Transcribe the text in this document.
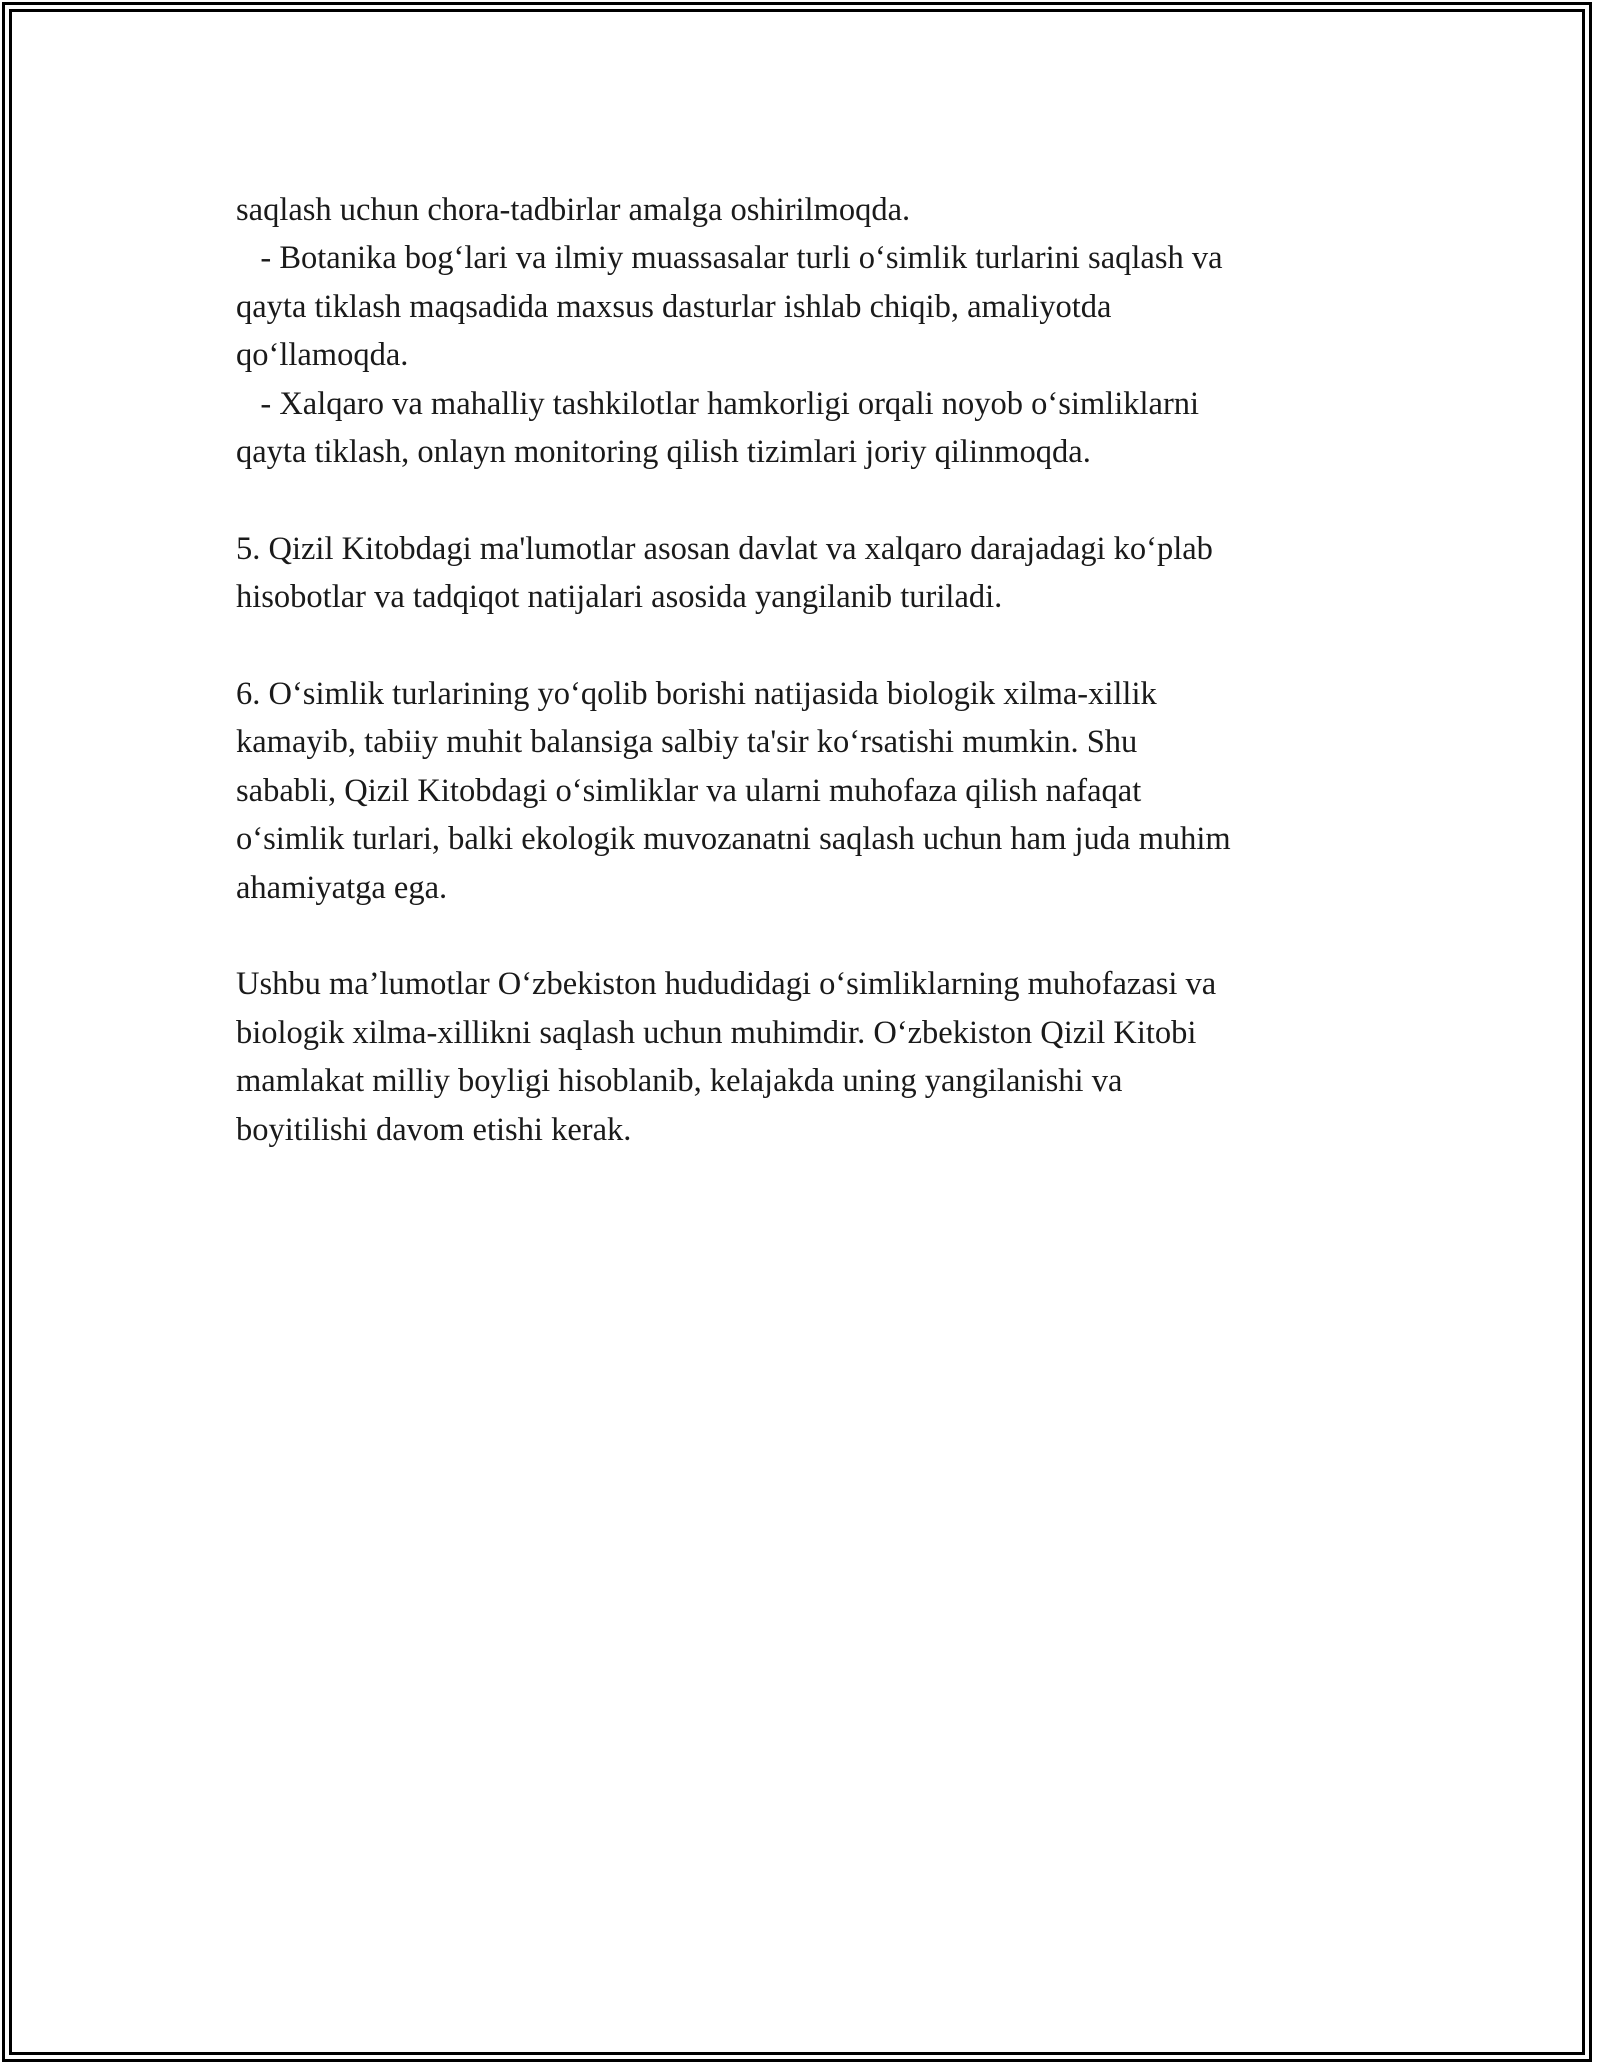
saqlash uchun chora-tadbirlar amalga oshirilmoqda.
- Botanika bog‘lari va ilmiy muassasalar turli o‘simlik turlarini saqlash va
qayta tiklash maqsadida maxsus dasturlar ishlab chiqib, amaliyotda
qo‘llamoqda.
- Xalqaro va mahalliy tashkilotlar hamkorligi orqali noyob o‘simliklarni
qayta tiklash, onlayn monitoring qilish tizimlari joriy qilinmoqda.
5. Qizil Kitobdagi ma'lumotlar asosan davlat va xalqaro darajadagi ko‘plab
hisobotlar va tadqiqot natijalari asosida yangilanib turiladi.
6. O‘simlik turlarining yo‘qolib borishi natijasida biologik xilma-xillik
kamayib, tabiiy muhit balansiga salbiy ta'sir ko‘rsatishi mumkin. Shu
sababli, Qizil Kitobdagi o‘simliklar va ularni muhofaza qilish nafaqat
o‘simlik turlari, balki ekologik muvozanatni saqlash uchun ham juda muhim
ahamiyatga ega.
Ushbu ma’lumotlar O‘zbekiston hududidagi o‘simliklarning muhofazasi va
biologik xilma-xillikni saqlash uchun muhimdir. O‘zbekiston Qizil Kitobi
mamlakat milliy boyligi hisoblanib, kelajakda uning yangilanishi va
boyitilishi davom etishi kerak.
